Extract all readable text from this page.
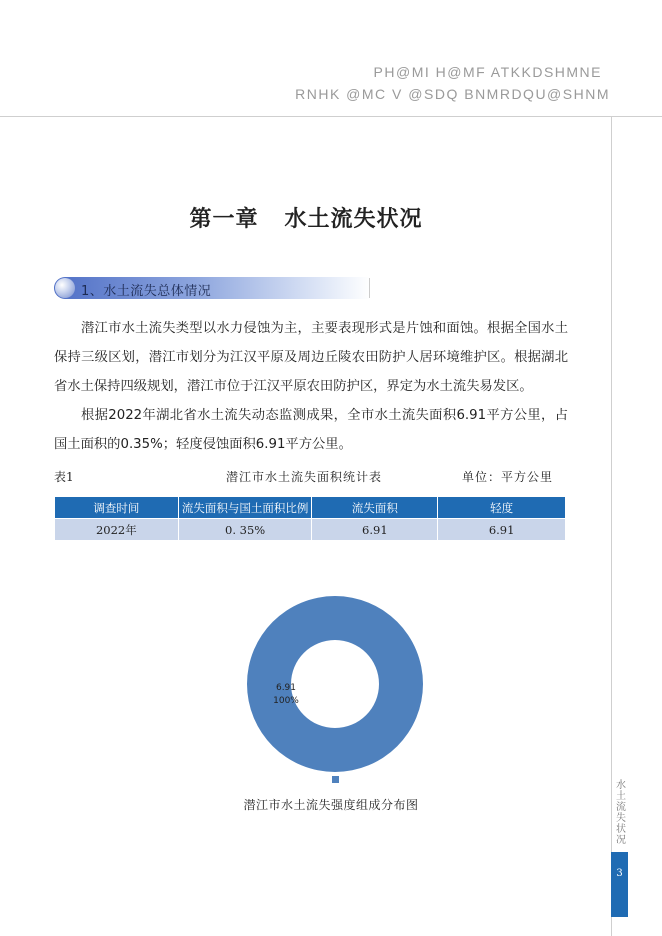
PH@MI H@MF ATKKDSHMNE
RNHK @MC V @SDQ BNMRDQU@SHNM
水土流失状况
3
第一章   水土流失状况
1、水土流失总体情况

潜江市水土流失类型以水力侵蚀为主，主要表现形式是片蚀和面蚀。根据全国水土保持三级区划，潜江市划分为江汉平原及周边丘陵农田防护人居环境维护区。根据湖北省水土保持四级规划，潜江市位于江汉平原农田防护区，界定为水土流失易发区。

根据2022年湖北省水土流失动态监测成果，全市水土流失面积6.91平方公里，占国土面积的0.35%；轻度侵蚀面积6.91平方公里。

表1	潜江市水土流失面积统计表	单位：平方公里
调查时间	流失面积与国土面积比例	流失面积	轻度
2022年	0. 35%	6.91	6.91
6.91
100%
潜江市水土流失强度组成分布图
